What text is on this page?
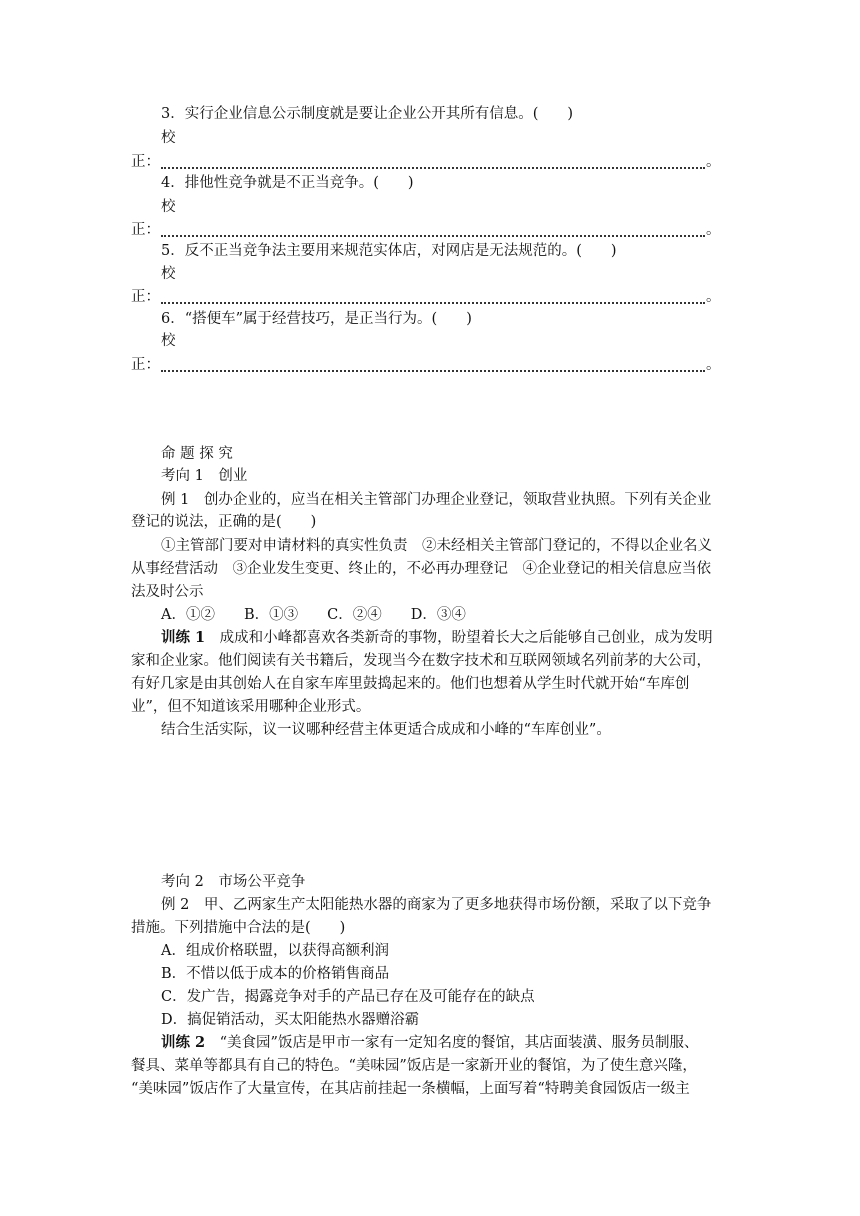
3．实行企业信息公示制度就是要让企业公开其所有信息。(　　)
校
正：	。
4．排他性竞争就是不正当竞争。(　　)
校
正：	。
5．反不正当竞争法主要用来规范实体店，对网店是无法规范的。(　　)
校
正：	。
6．“搭便车”属于经营技巧，是正当行为。(　　)
校
正：	。
命 题 探 究
考向 1　创业
例 1　创办企业的，应当在相关主管部门办理企业登记，领取营业执照。下列有关企业
登记的说法，正确的是(　　)
①主管部门要对申请材料的真实性负责　②未经相关主管部门登记的，不得以企业名义
从事经营活动　③企业发生变更、终止的，不必再办理登记　④企业登记的相关信息应当依
法及时公示
A．①②　　B．①③　　C．②④　　D．③④
训练 1　成成和小峰都喜欢各类新奇的事物，盼望着长大之后能够自己创业，成为发明
家和企业家。他们阅读有关书籍后，发现当今在数字技术和互联网领域名列前茅的大公司，
有好几家是由其创始人在自家车库里鼓捣起来的。他们也想着从学生时代就开始“车库创
业”，但不知道该采用哪种企业形式。
结合生活实际，议一议哪种经营主体更适合成成和小峰的“车库创业”。
考向 2　市场公平竞争
例 2　甲、乙两家生产太阳能热水器的商家为了更多地获得市场份额，采取了以下竞争
措施。下列措施中合法的是(　　)
A．组成价格联盟，以获得高额利润
B．不惜以低于成本的价格销售商品
C．发广告，揭露竞争对手的产品已存在及可能存在的缺点
D．搞促销活动，买太阳能热水器赠浴霸
训练 2　“美食园”饭店是甲市一家有一定知名度的餐馆，其店面装潢、服务员制服、
餐具、菜单等都具有自己的特色。“美味园”饭店是一家新开业的餐馆，为了使生意兴隆，
“美味园”饭店作了大量宣传，在其店前挂起一条横幅，上面写着“特聘美食园饭店一级主
